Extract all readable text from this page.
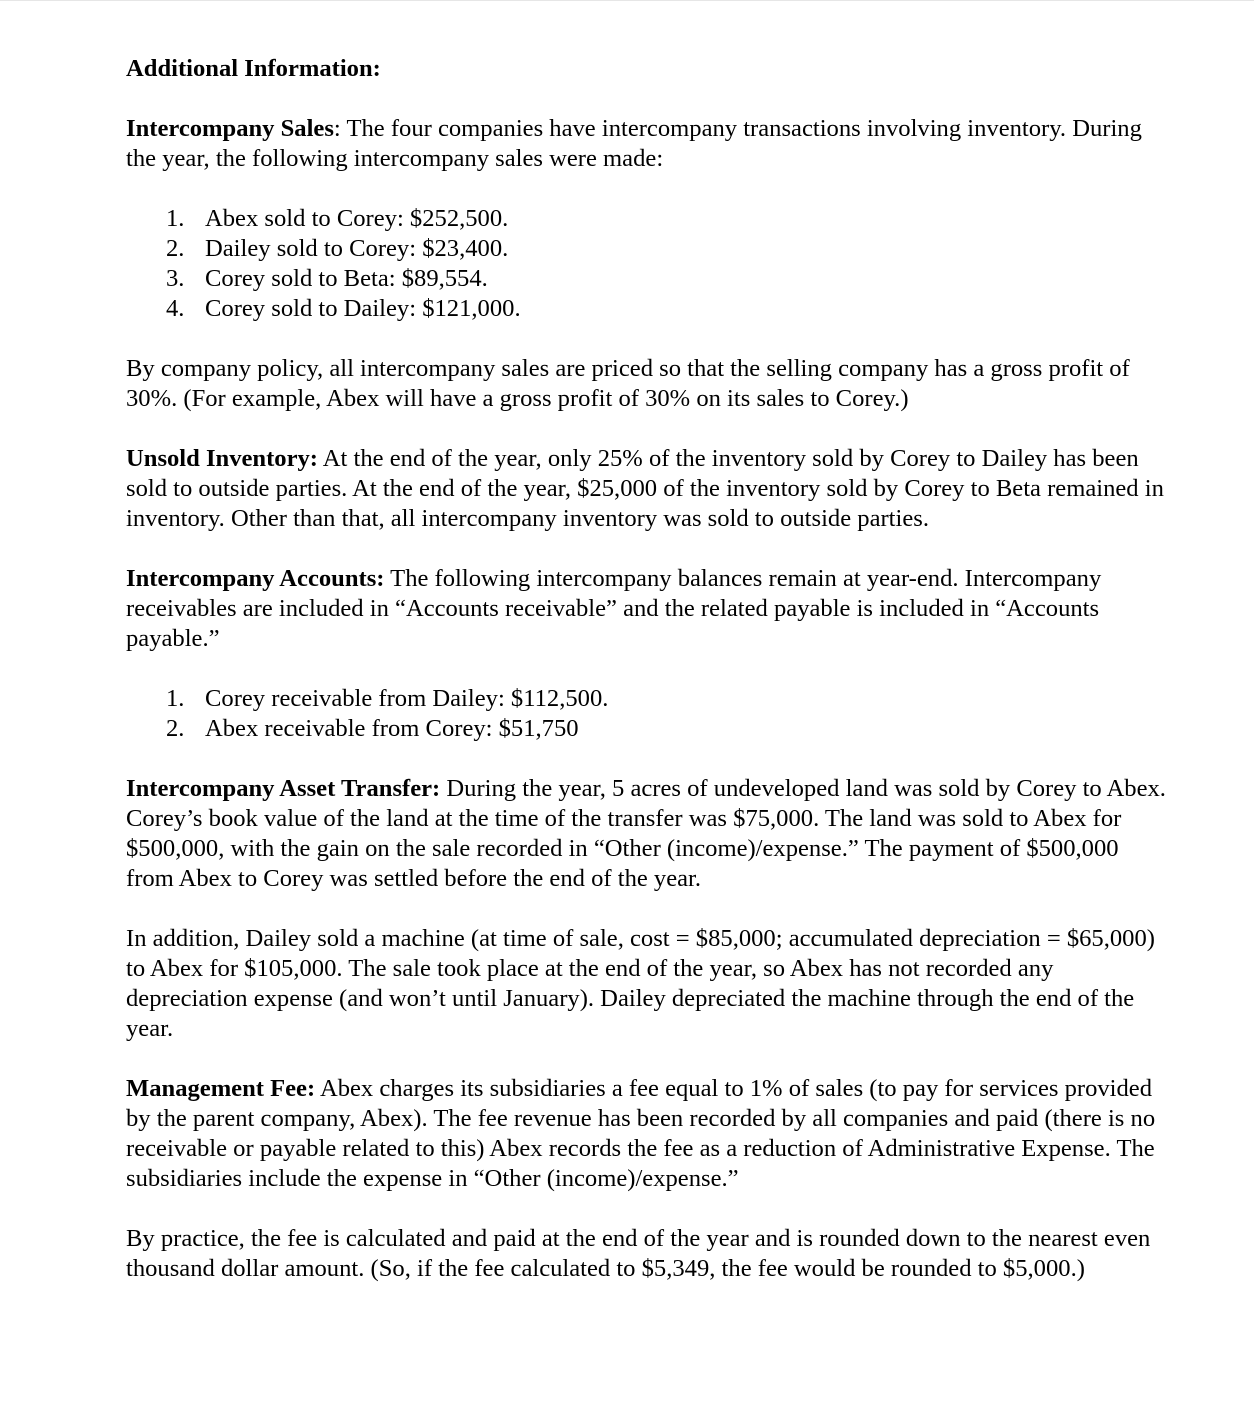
Additional Information:

Intercompany Sales: The four companies have intercompany transactions involving inventory. During the year, the following intercompany sales were made:

1. Abex sold to Corey: $252,500.
2. Dailey sold to Corey: $23,400.
3. Corey sold to Beta: $89,554.
4. Corey sold to Dailey: $121,000.

By company policy, all intercompany sales are priced so that the selling company has a gross profit of 30%. (For example, Abex will have a gross profit of 30% on its sales to Corey.)

Unsold Inventory: At the end of the year, only 25% of the inventory sold by Corey to Dailey has been sold to outside parties. At the end of the year, $25,000 of the inventory sold by Corey to Beta remained in inventory. Other than that, all intercompany inventory was sold to outside parties.

Intercompany Accounts: The following intercompany balances remain at year-end. Intercompany receivables are included in “Accounts receivable” and the related payable is included in “Accounts payable.”

1. Corey receivable from Dailey: $112,500.
2. Abex receivable from Corey: $51,750

Intercompany Asset Transfer: During the year, 5 acres of undeveloped land was sold by Corey to Abex. Corey’s book value of the land at the time of the transfer was $75,000. The land was sold to Abex for $500,000, with the gain on the sale recorded in “Other (income)/expense.” The payment of $500,000 from Abex to Corey was settled before the end of the year.

In addition, Dailey sold a machine (at time of sale, cost = $85,000; accumulated depreciation = $65,000) to Abex for $105,000. The sale took place at the end of the year, so Abex has not recorded any depreciation expense (and won’t until January). Dailey depreciated the machine through the end of the year.

Management Fee: Abex charges its subsidiaries a fee equal to 1% of sales (to pay for services provided by the parent company, Abex). The fee revenue has been recorded by all companies and paid (there is no receivable or payable related to this) Abex records the fee as a reduction of Administrative Expense. The subsidiaries include the expense in “Other (income)/expense.”

By practice, the fee is calculated and paid at the end of the year and is rounded down to the nearest even thousand dollar amount. (So, if the fee calculated to $5,349, the fee would be rounded to $5,000.)
